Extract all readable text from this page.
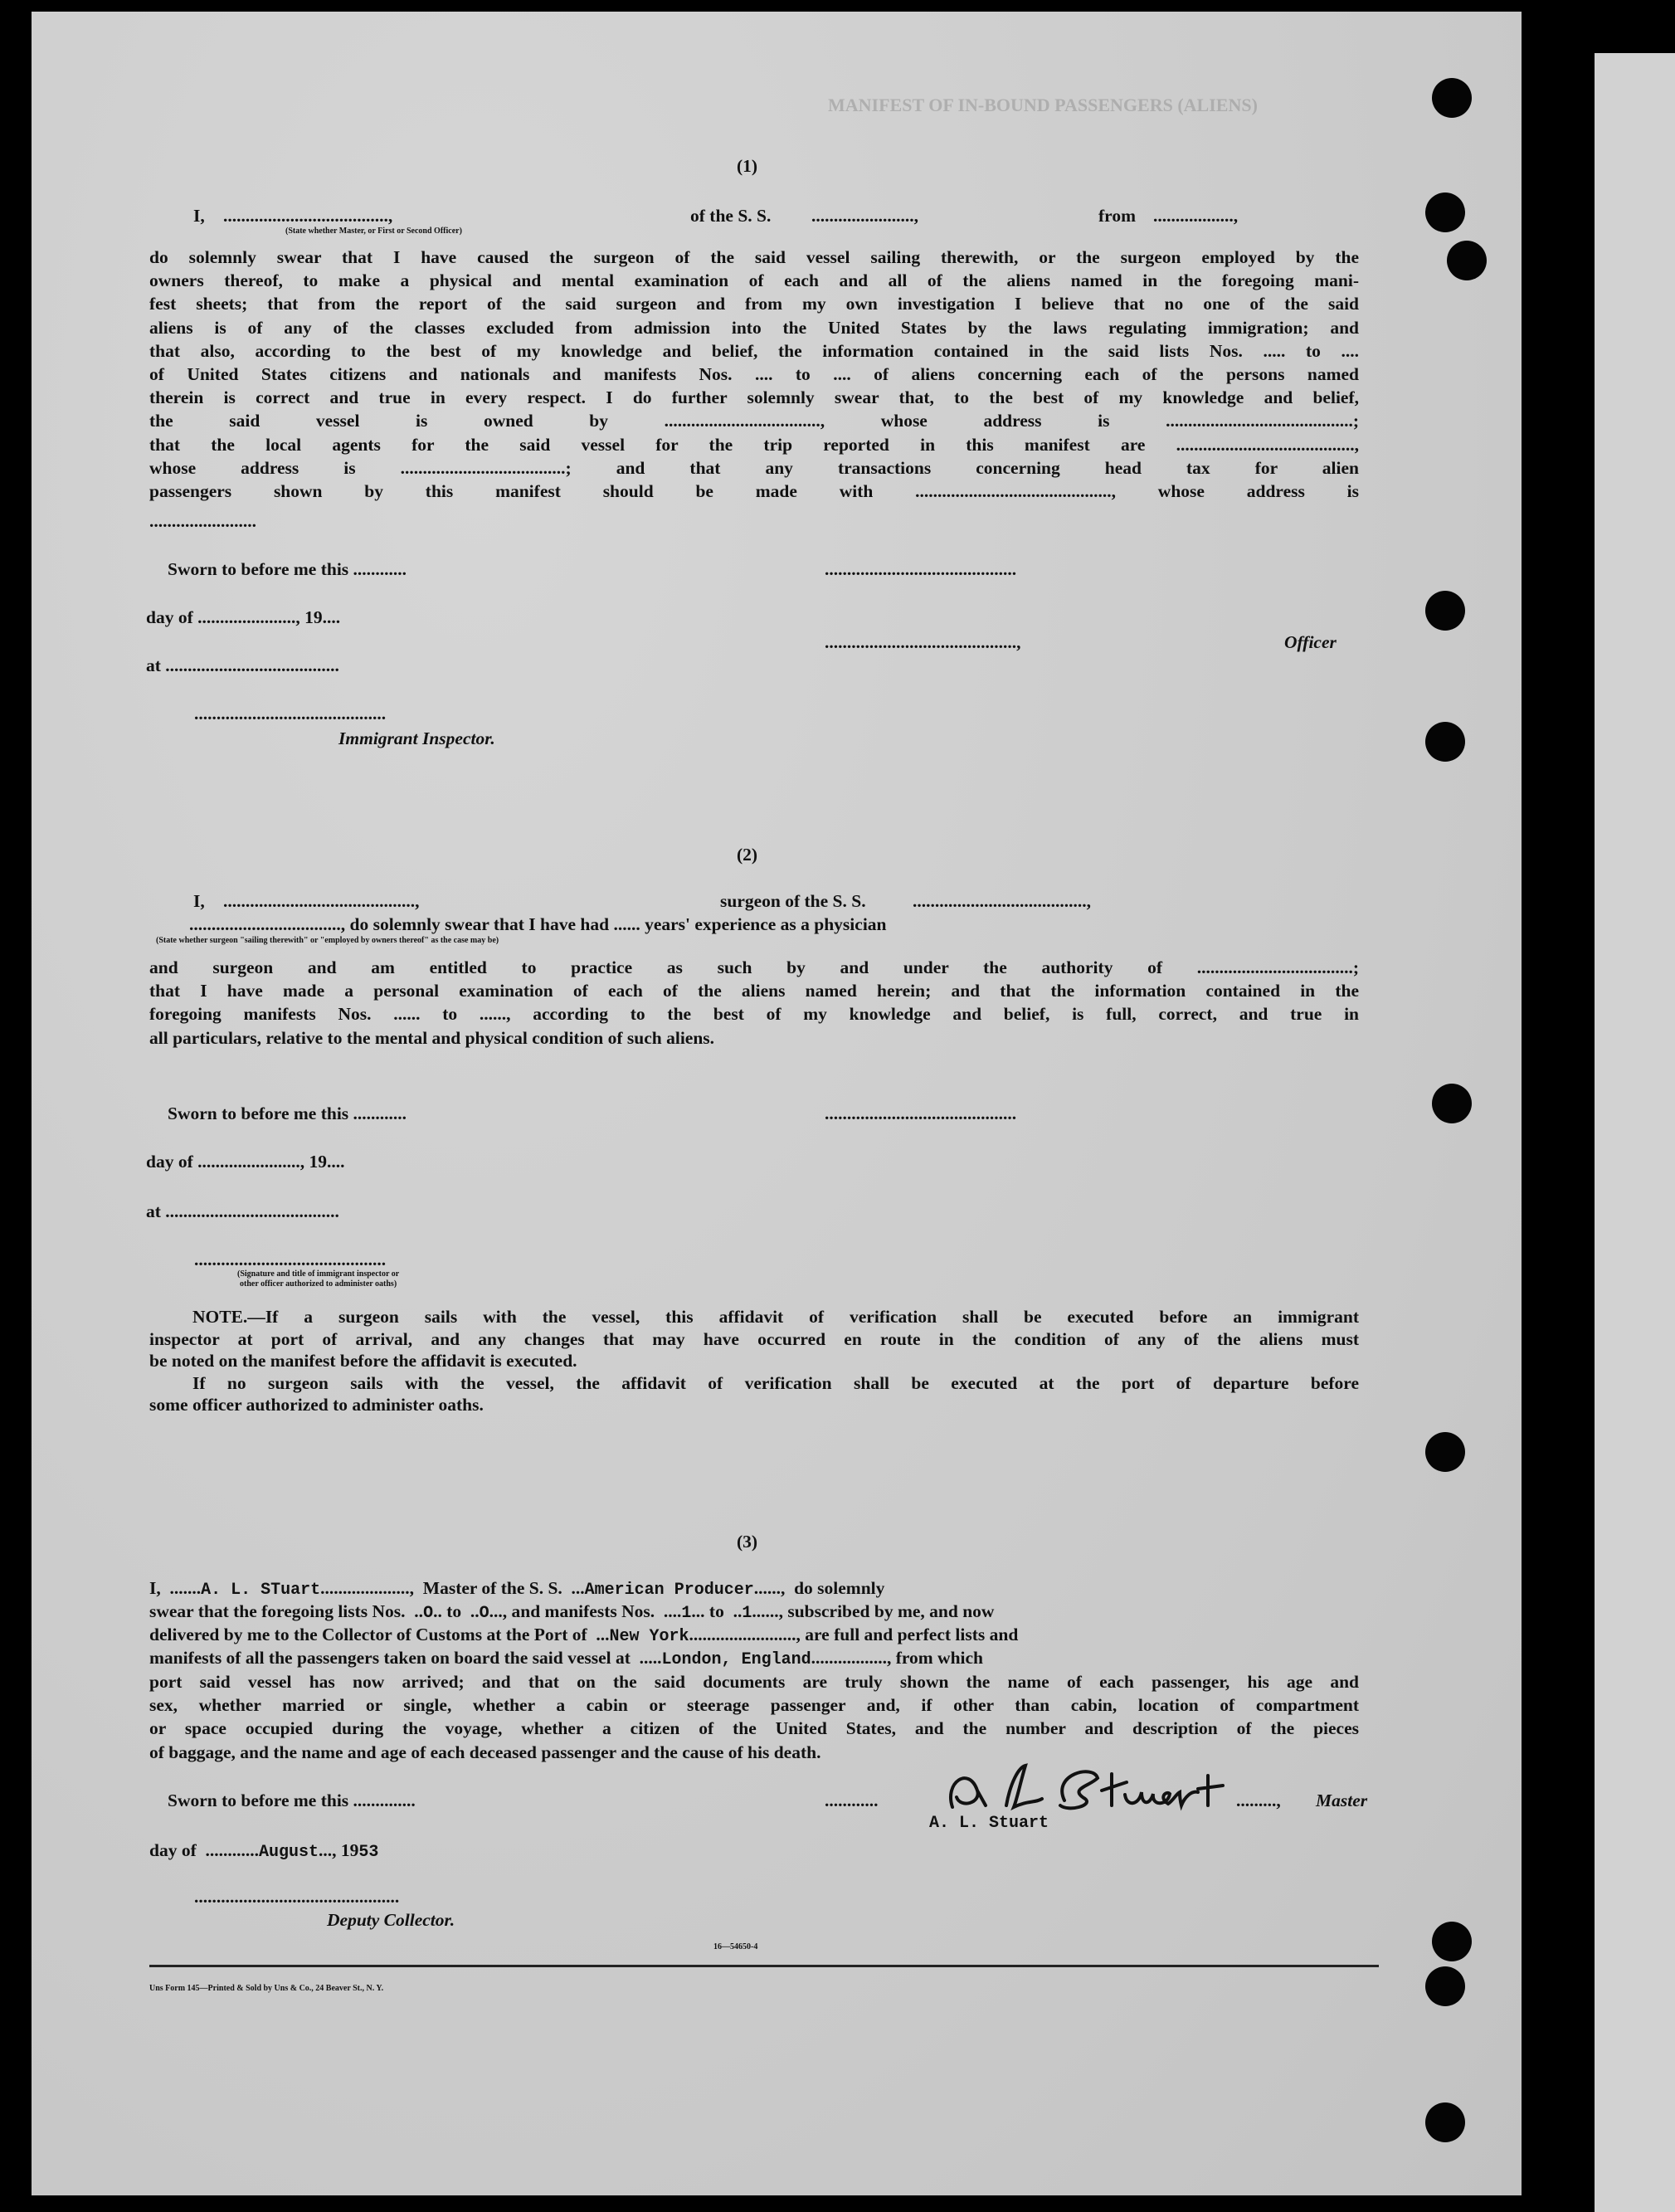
MANIFEST OF IN-BOUND PASSENGERS (ALIENS)
(1)
I, .....................................,	of the S. S. .......................,	from ..................,
(State whether Master, or First or Second Officer)
do solemnly swear that I have caused the surgeon of the said vessel sailing therewith, or the surgeon employed by the
owners thereof, to make a physical and mental examination of each and all of the aliens named in the foregoing mani-
fest sheets; that from the report of the said surgeon and from my own investigation I believe that no one of the said
aliens is of any of the classes excluded from admission into the United States by the laws regulating immigration; and
that also, according to the best of my knowledge and belief, the information contained in the said lists Nos. ..... to ....
of United States citizens and nationals and manifests Nos. .... to .... of aliens concerning each of the persons named
therein is correct and true in every respect. I do further solemnly swear that, to the best of my knowledge and belief,
the said vessel is owned by ..................................., whose address is ..........................................;
that the local agents for the said vessel for the trip reported in this manifest are ........................................,
whose address is .....................................; and that any transactions concerning head tax for alien
passengers shown by this manifest should be made with ............................................, whose address is
........................
Sworn to before me this ............	...........................................
day of ......................, 19....
...........................................,	Officer
at .......................................
...........................................
Immigrant Inspector.
(2)
I, ...........................................,	surgeon of the S. S.	.......................................,
.................................., do solemnly swear that I have had ...... years' experience as a physician
(State whether surgeon "sailing therewith" or "employed by owners thereof" as the case may be)
and surgeon and am entitled to practice as such by and under the authority of ...................................;
that I have made a personal examination of each of the aliens named herein; and that the information contained in the
foregoing manifests Nos. ...... to ......, according to the best of my knowledge and belief, is full, correct, and true in
all particulars, relative to the mental and physical condition of such aliens.
Sworn to before me this ............	...........................................
day of ......................., 19....
at .......................................
...........................................
(Signature and title of immigrant inspector or
other officer authorized to administer oaths)
NOTE.—If a surgeon sails with the vessel, this affidavit of verification shall be executed before an immigrant
inspector at port of arrival, and any changes that may have occurred en route in the condition of any of the aliens must
be noted on the manifest before the affidavit is executed.
If no surgeon sails with the vessel, the affidavit of verification shall be executed at the port of departure before
some officer authorized to administer oaths.
(3)
I,  .......A. L. STuart....................,  Master of the S. S.  ...American Producer......,  do solemnly
swear that the foregoing lists Nos.  ..O.. to  ..O..., and manifests Nos.  ....1... to  ..1......, subscribed by me, and now
delivered by me to the Collector of Customs at the Port of  ...New York........................, are full and perfect lists and
manifests of all the passengers taken on board the said vessel at  .....London, England................., from which
port said vessel has now arrived; and that on the said documents are truly shown the name of each passenger, his age and
sex, whether married or single, whether a cabin or steerage passenger and, if other than cabin, location of compartment
or space occupied during the voyage, whether a citizen of the United States, and the number and description of the pieces
of baggage, and the name and age of each deceased passenger and the cause of his death.
Sworn to before me this ..............	............	........., Master
A. L. Stuart
day of  ............August..., 1953
..............................................
Deputy Collector.
16—54650-4
Uns Form 145—Printed & Sold by Uns & Co., 24 Beaver St., N. Y.
